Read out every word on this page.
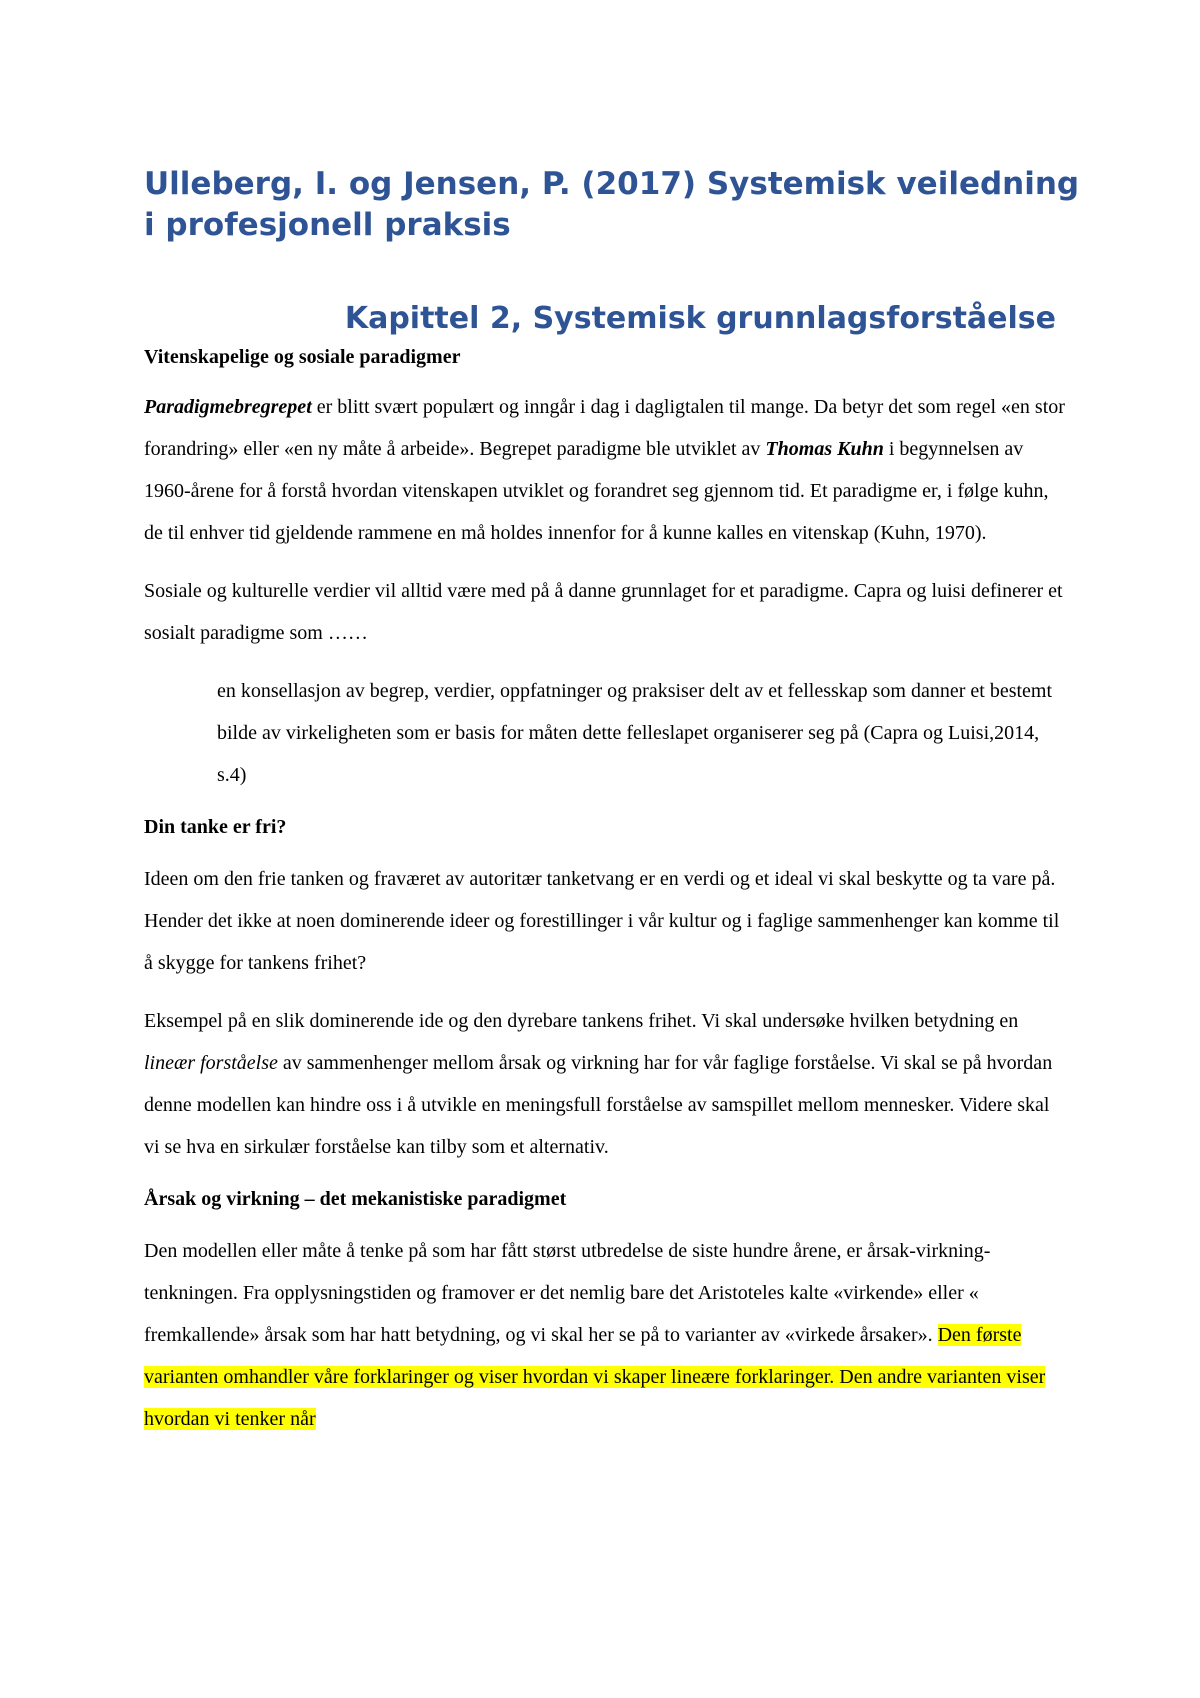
Ulleberg, I. og Jensen, P. (2017) Systemisk veiledning i profesjonell praksis
Kapittel 2, Systemisk grunnlagsforståelse
Vitenskapelige og sosiale paradigmer

Paradigmebregrepet er blitt svært populært og inngår i dag i dagligtalen til mange. Da betyr det som regel «en stor forandring» eller «en ny måte å arbeide». Begrepet paradigme ble utviklet av Thomas Kuhn i begynnelsen av 1960-årene for å forstå hvordan vitenskapen utviklet og forandret seg gjennom tid. Et paradigme er, i følge kuhn, de til enhver tid gjeldende rammene en må holdes innenfor for å kunne kalles en vitenskap (Kuhn, 1970).

Sosiale og kulturelle verdier vil alltid være med på å danne grunnlaget for et paradigme. Capra og luisi definerer et sosialt paradigme som ……

en konsellasjon av begrep, verdier, oppfatninger og praksiser delt av et fellesskap som danner et bestemt bilde av virkeligheten som er basis for måten dette felleslapet organiserer seg på (Capra og Luisi,2014, s.4)

Din tanke er fri?

Ideen om den frie tanken og fraværet av autoritær tanketvang er en verdi og et ideal vi skal beskytte og ta vare på. Hender det ikke at noen dominerende ideer og forestillinger i vår kultur og i faglige sammenhenger kan komme til å skygge for tankens frihet?

Eksempel på en slik dominerende ide og den dyrebare tankens frihet. Vi skal undersøke hvilken betydning en lineær forståelse av sammenhenger mellom årsak og virkning har for vår faglige forståelse. Vi skal se på hvordan denne modellen kan hindre oss i å utvikle en meningsfull forståelse av samspillet mellom mennesker. Videre skal vi se hva en sirkulær forståelse kan tilby som et alternativ.

Årsak og virkning – det mekanistiske paradigmet

Den modellen eller måte å tenke på som har fått størst utbredelse de siste hundre årene, er årsak-virkning- tenkningen. Fra opplysningstiden og framover er det nemlig bare det Aristoteles kalte «virkende» eller « fremkallende» årsak som har hatt betydning, og vi skal her se på to varianter av «virkede årsaker». Den første varianten omhandler våre forklaringer og viser hvordan vi skaper lineære forklaringer. Den andre varianten viser hvordan vi tenker når
